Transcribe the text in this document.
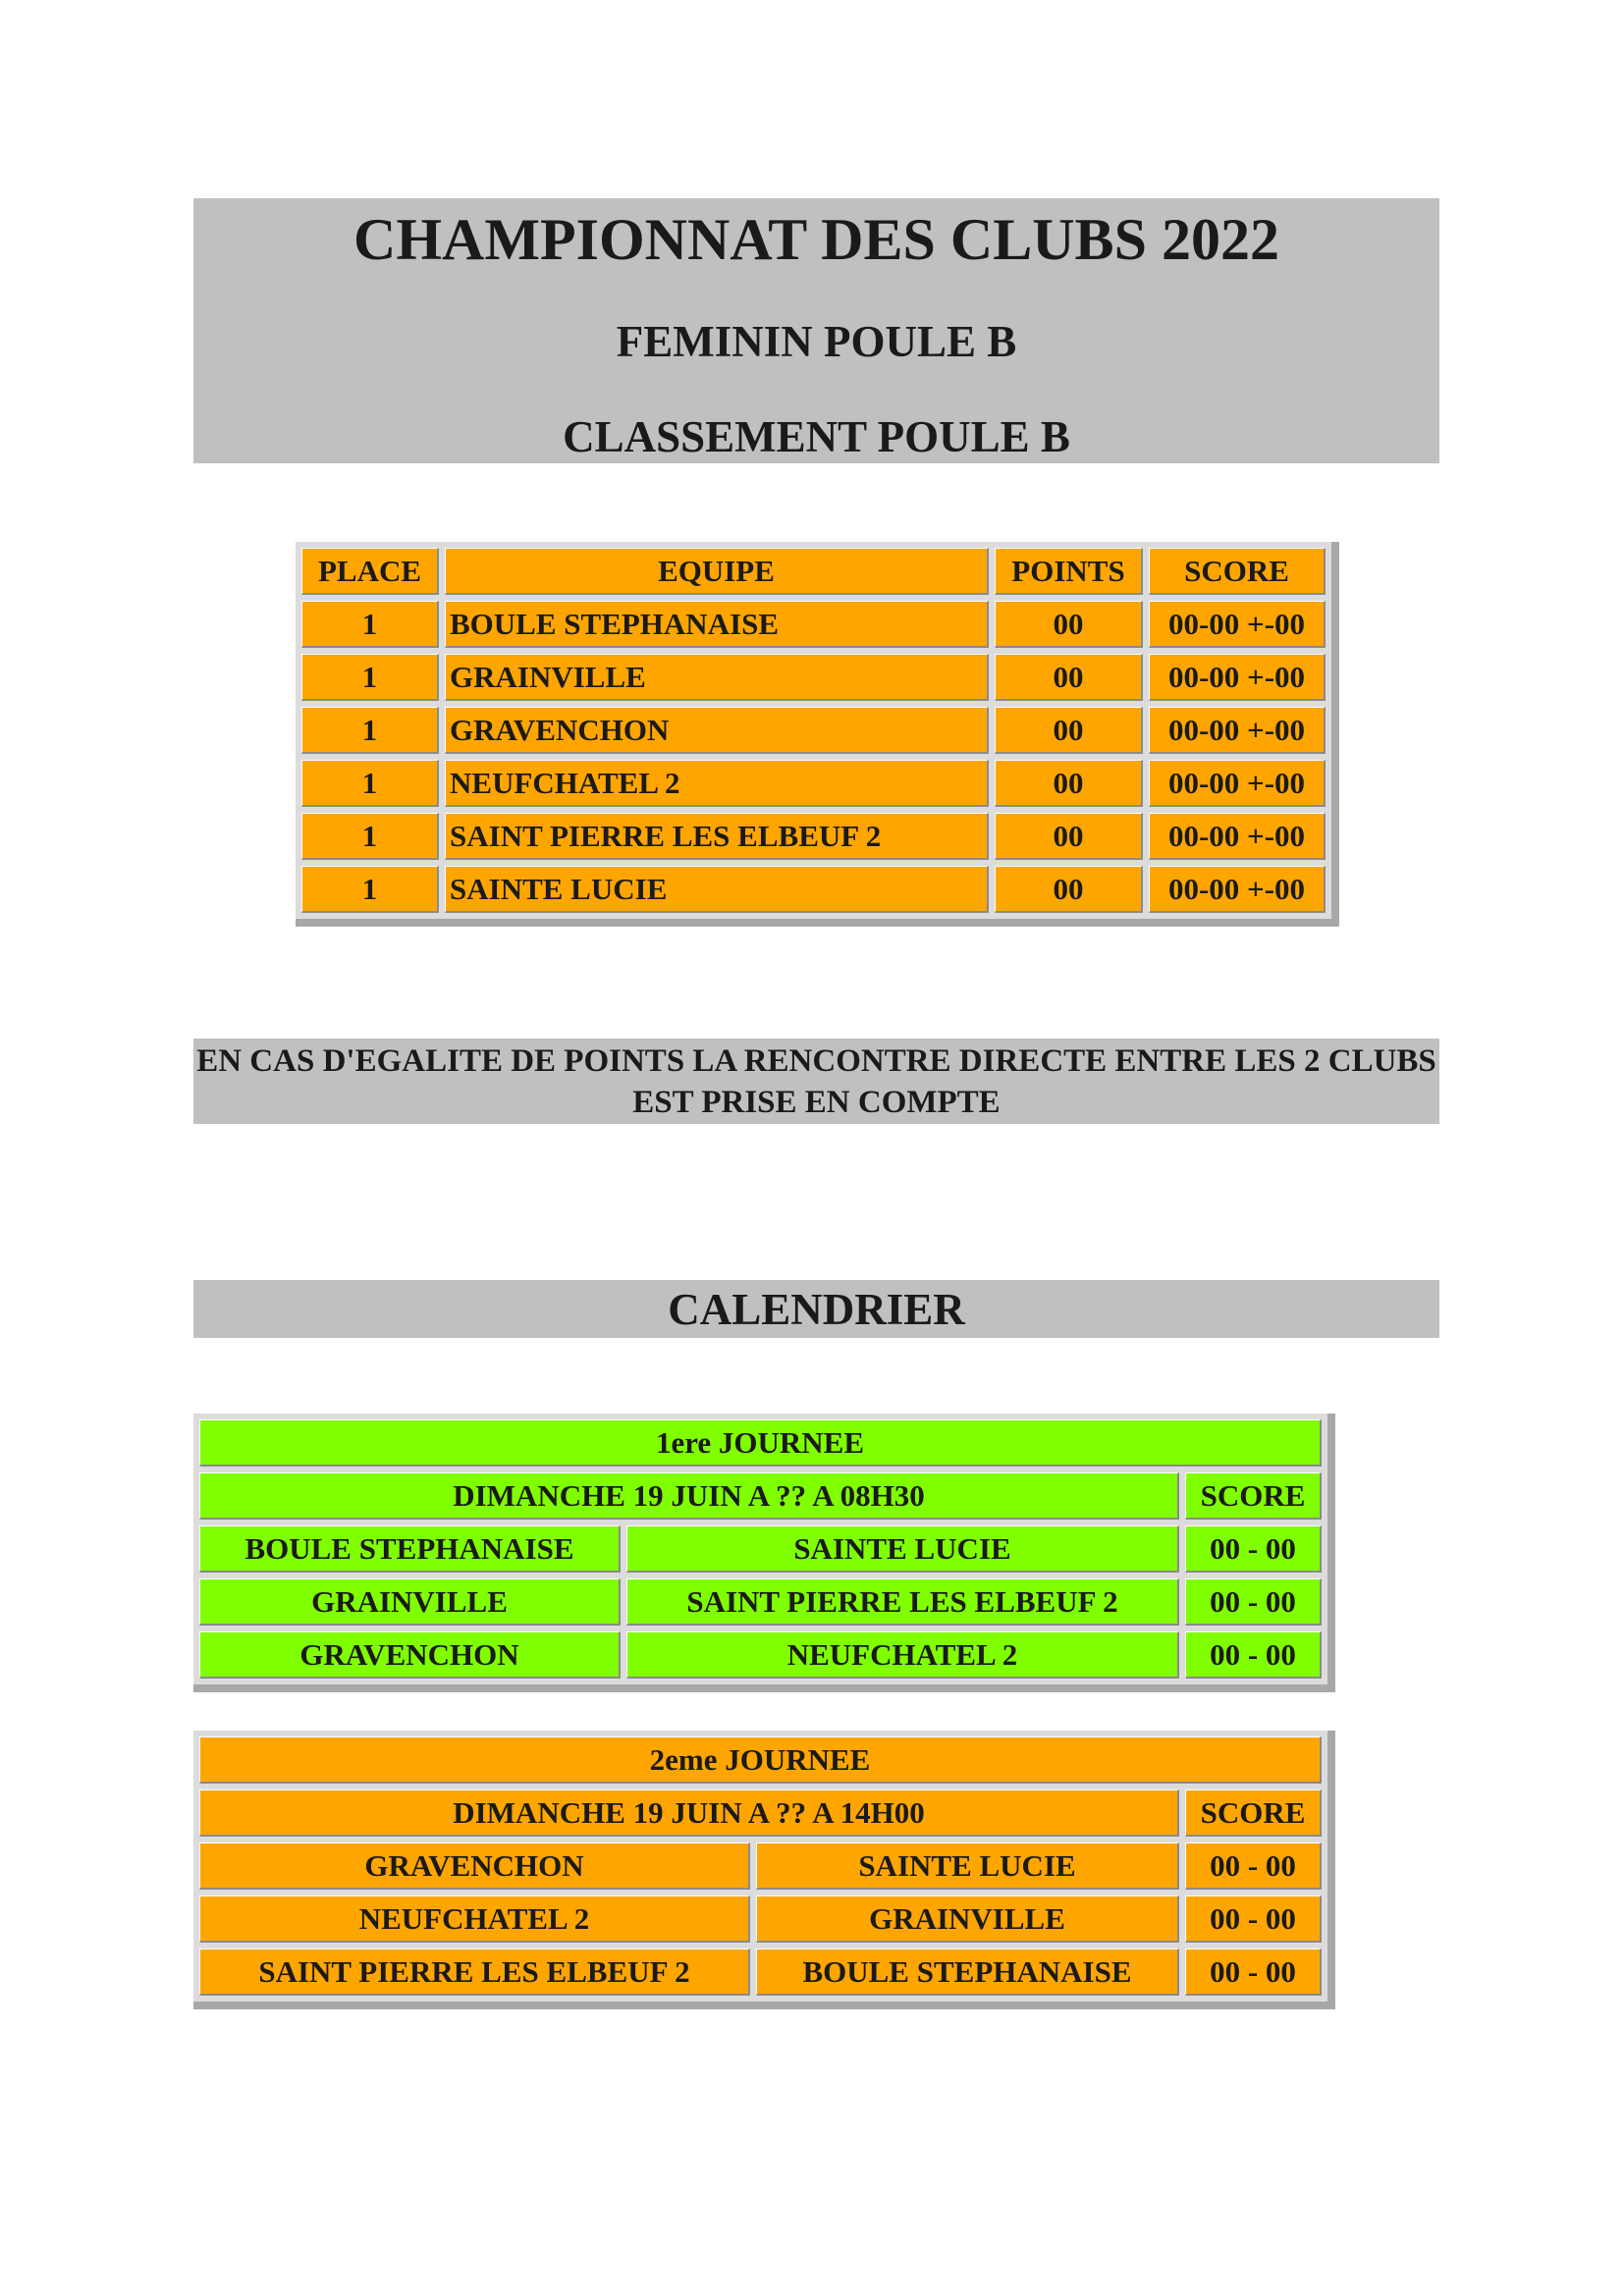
CHAMPIONNAT DES CLUBS 2022
FEMININ POULE B
CLASSEMENT POULE B
PLACE	EQUIPE	POINTS	SCORE
1	BOULE STEPHANAISE	00	00-00 +-00
1	GRAINVILLE	00	00-00 +-00
1	GRAVENCHON	00	00-00 +-00
1	NEUFCHATEL 2	00	00-00 +-00
1	SAINT PIERRE LES ELBEUF 2	00	00-00 +-00
1	SAINTE LUCIE	00	00-00 +-00
EN CAS D'EGALITE DE POINTS LA RENCONTRE DIRECTE ENTRE LES 2 CLUBS EST PRISE EN COMPTE
CALENDRIER
1ere JOURNEE		
DIMANCHE 19 JUIN A ?? A 08H30		SCORE
BOULE STEPHANAISE	SAINTE LUCIE	00 - 00
GRAINVILLE	SAINT PIERRE LES ELBEUF 2	00 - 00
GRAVENCHON	NEUFCHATEL 2	00 - 00
2eme JOURNEE		
DIMANCHE 19 JUIN A ?? A 14H00		SCORE
GRAVENCHON	SAINTE LUCIE	00 - 00
NEUFCHATEL 2	GRAINVILLE	00 - 00
SAINT PIERRE LES ELBEUF 2	BOULE STEPHANAISE	00 - 00
